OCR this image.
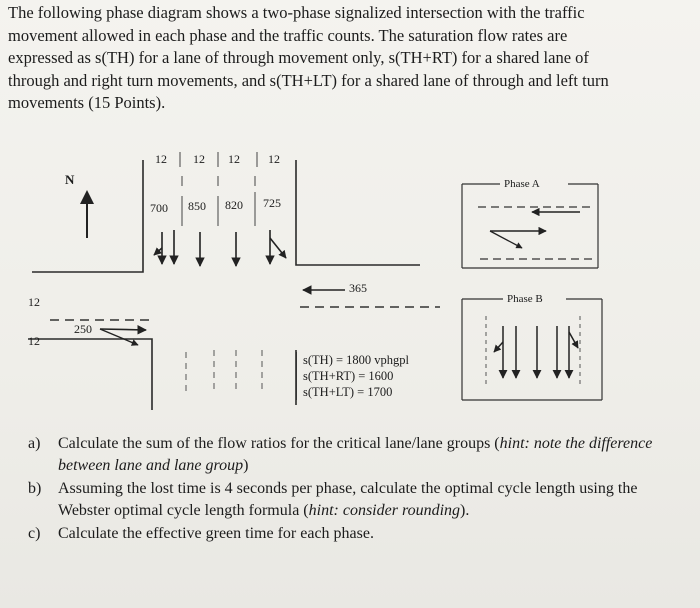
The following phase diagram shows a two-phase signalized intersection with the traffic

movement allowed in each phase and the traffic counts. The saturation flow rates are

expressed as s(TH) for a lane of through movement only, s(TH+RT) for a shared lane of

through and right turn movements, and s(TH+LT) for a shared lane of through and left turn

movements (15 Points).

N
12 12 12 12
700 850 820 725
365
12
12
250
Phase A
Phase B
s(TH) = 1800 vphgpl
s(TH+RT) = 1600
s(TH+LT) = 1700
a) Calculate the sum of the flow ratios for the critical lane/lane groups (hint: note the difference between lane and lane group)
b) Assuming the lost time is 4 seconds per phase, calculate the optimal cycle length using the Webster optimal cycle length formula (hint: consider rounding).
c) Calculate the effective green time for each phase.
